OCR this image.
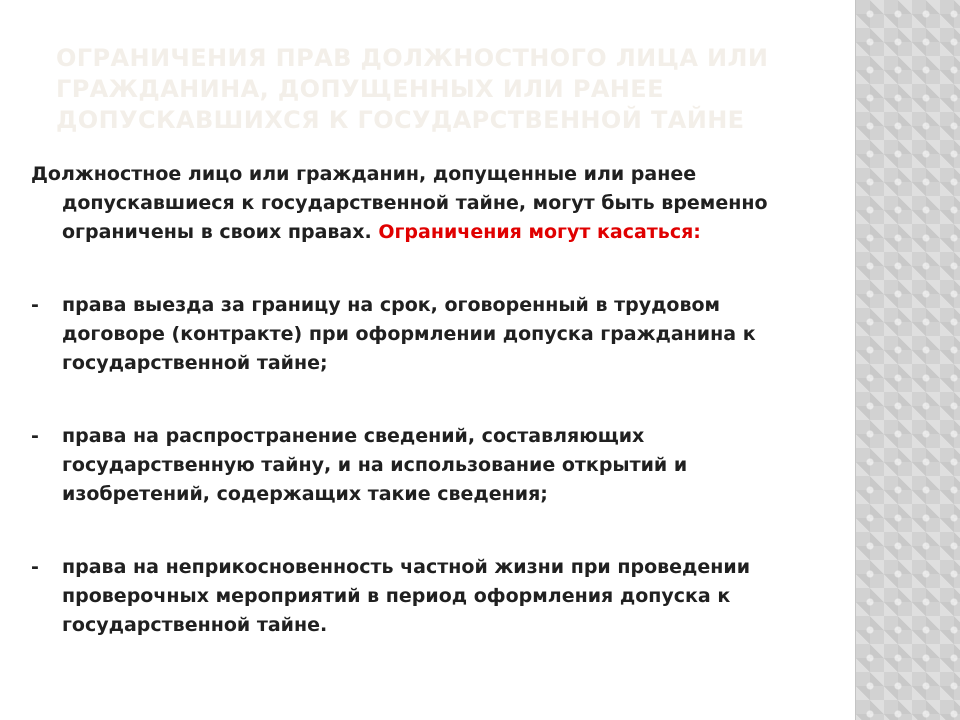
ОГРАНИЧЕНИЯ ПРАВ ДОЛЖНОСТНОГО ЛИЦА ИЛИ ГРАЖДАНИНА, ДОПУЩЕННЫХ ИЛИ РАНЕЕ ДОПУСКАВШИХСЯ К ГОСУДАРСТВЕННОЙ ТАЙНЕ

Должностное лицо или гражданин, допущенные или ранее допускавшиеся к государственной тайне, могут быть временно ограничены в своих правах. Ограничения могут касаться:

- права выезда за границу на срок, оговоренный в трудовом договоре (контракте) при оформлении допуска гражданина к государственной тайне;

- права на распространение сведений, составляющих государственную тайну, и на использование открытий и изобретений, содержащих такие сведения;

- права на неприкосновенность частной жизни при проведении проверочных мероприятий в период оформления допуска к государственной тайне.
